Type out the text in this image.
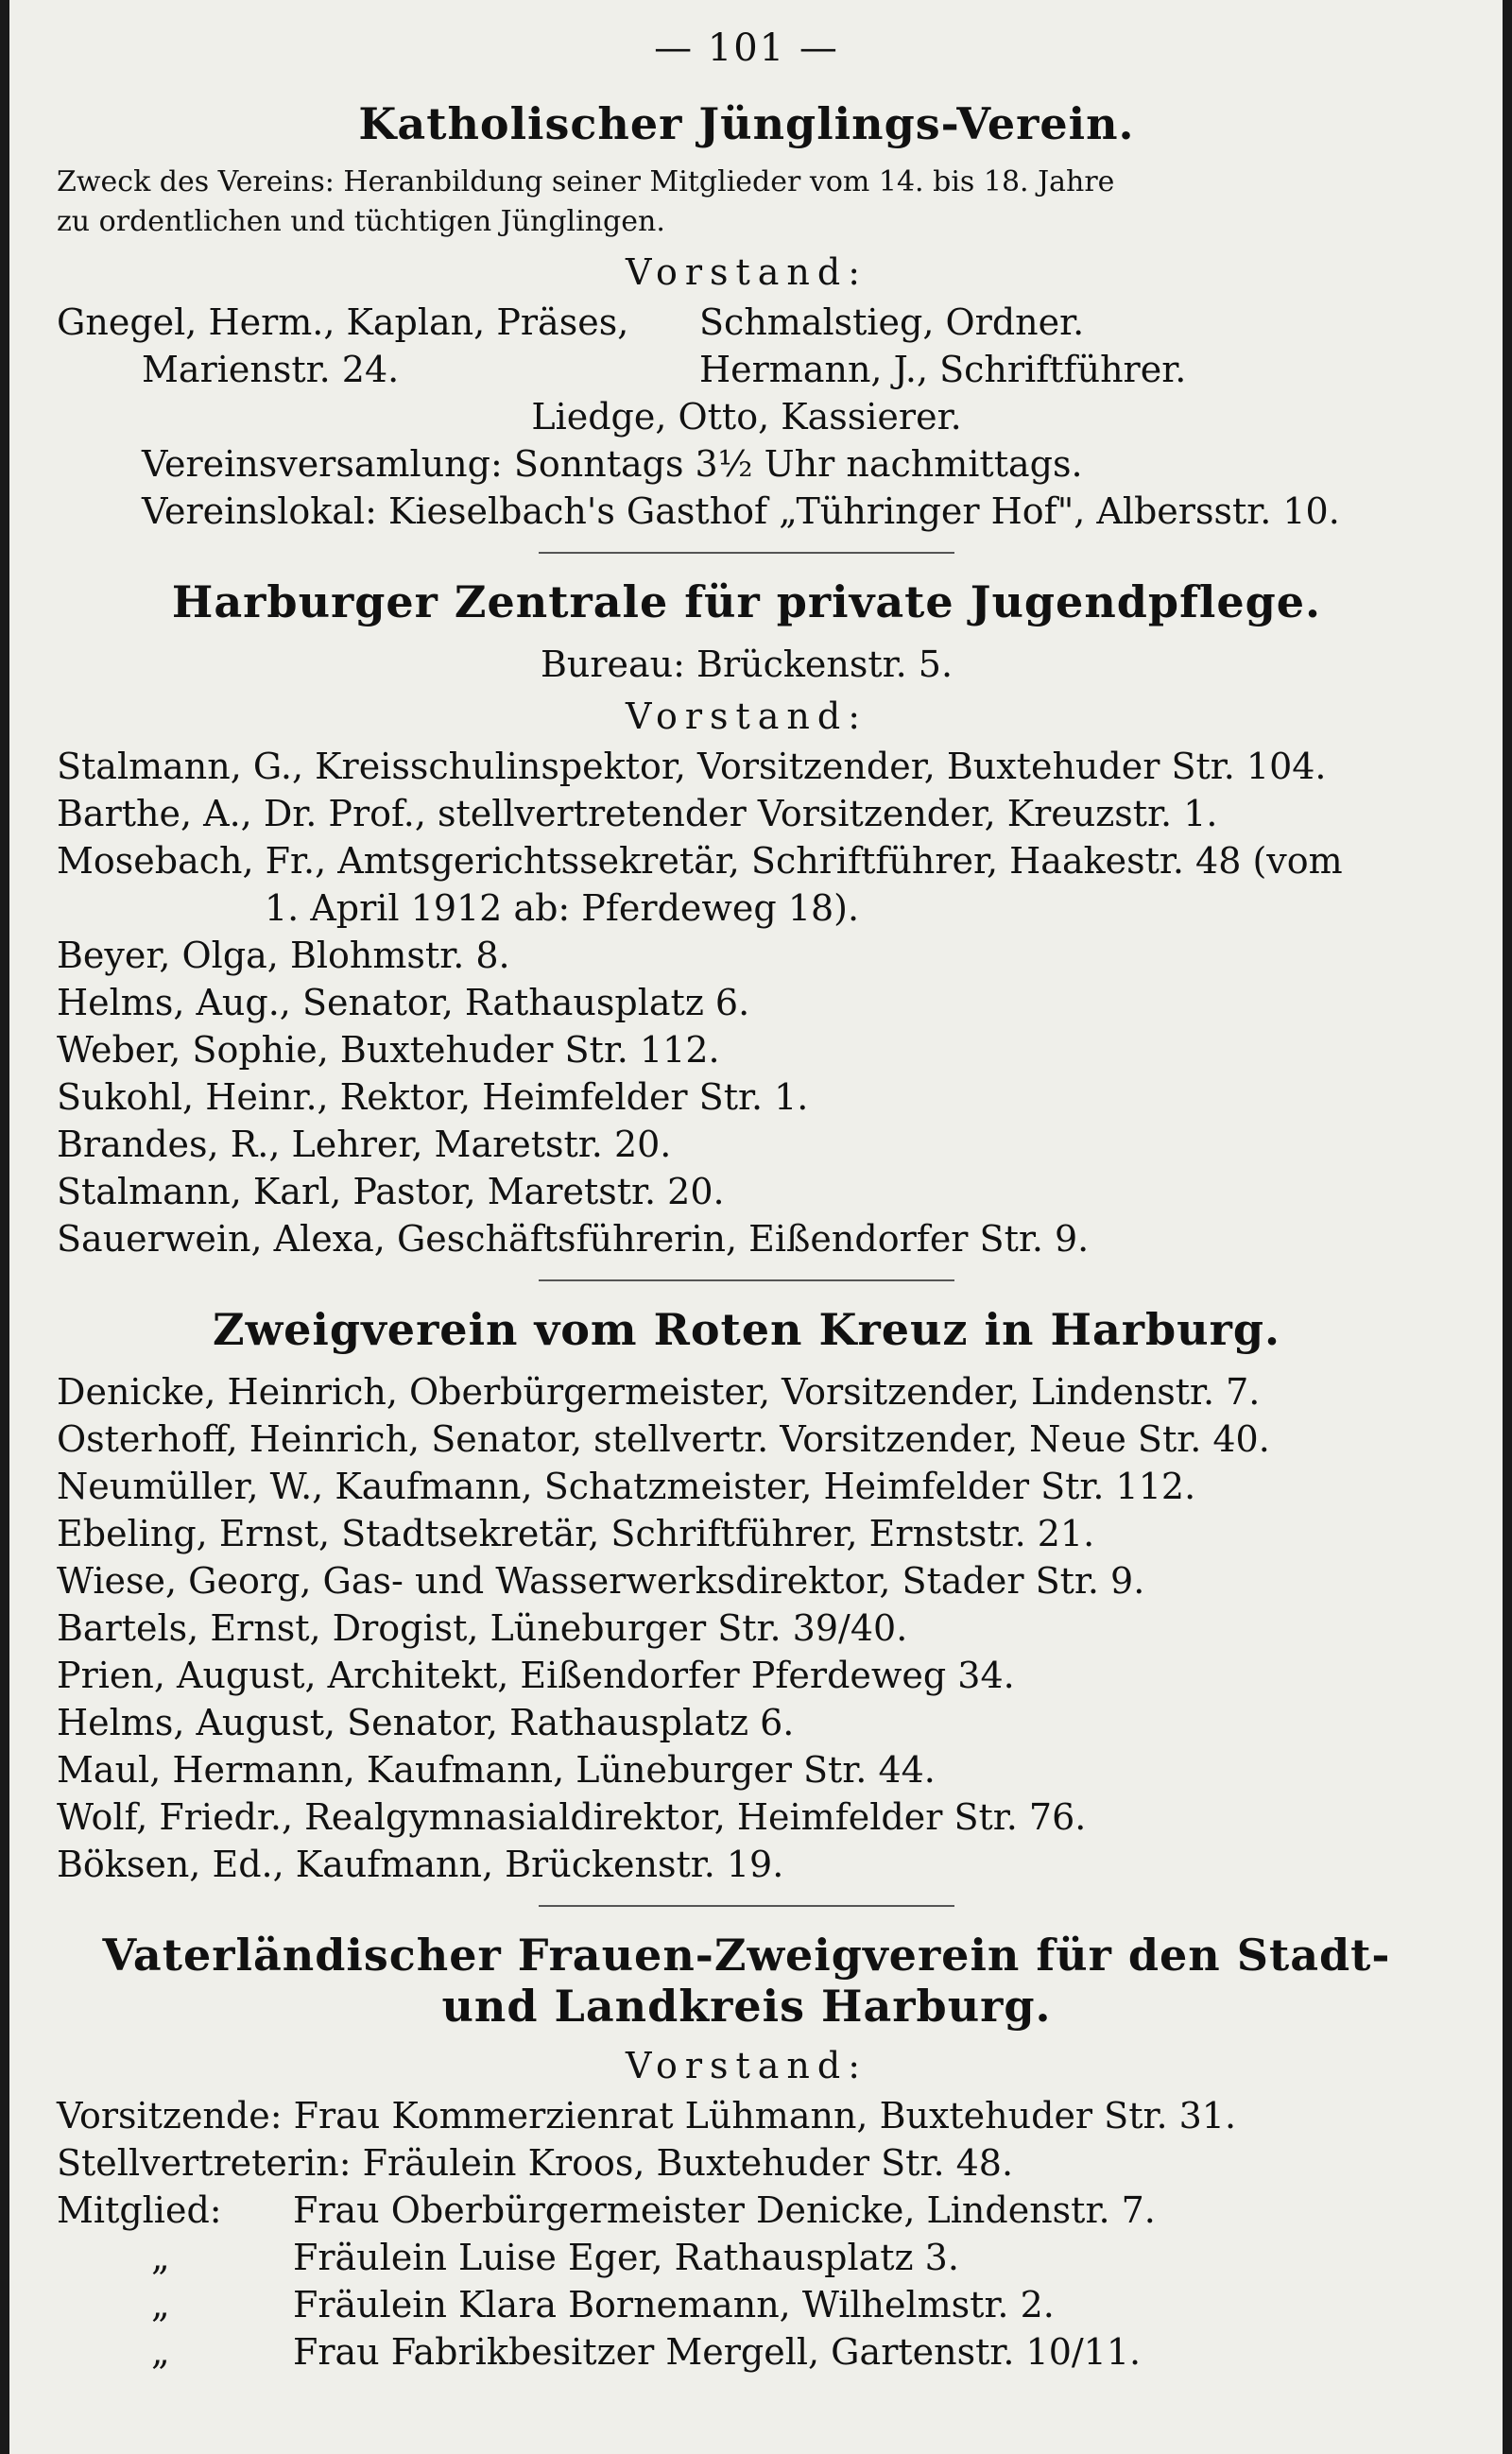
— 101 —
Katholischer Jünglings-Verein.
Zweck des Vereins: Heranbildung seiner Mitglieder vom 14. bis 18. Jahre
zu ordentlichen und tüchtigen Jünglingen.
Vorstand:
Gnegel, Herm., Kaplan, Präses,	Schmalstieg, Ordner.
Marienstr. 24.	Hermann, J., Schriftführer.
Liedge, Otto, Kassierer.
Vereinsversamlung: Sonntags 3½ Uhr nachmittags.
Vereinslokal: Kieselbach's Gasthof „Tühringer Hof", Albersstr. 10.
Harburger Zentrale für private Jugendpflege.
Bureau: Brückenstr. 5.
Vorstand:
Stalmann, G., Kreisschulinspektor, Vorsitzender, Buxtehuder Str. 104.
Barthe, A., Dr. Prof., stellvertretender Vorsitzender, Kreuzstr. 1.
Mosebach, Fr., Amtsgerichtssekretär, Schriftführer, Haakestr. 48 (vom
1. April 1912 ab: Pferdeweg 18).
Beyer, Olga, Blohmstr. 8.
Helms, Aug., Senator, Rathausplatz 6.
Weber, Sophie, Buxtehuder Str. 112.
Sukohl, Heinr., Rektor, Heimfelder Str. 1.
Brandes, R., Lehrer, Maretstr. 20.
Stalmann, Karl, Pastor, Maretstr. 20.
Sauerwein, Alexa, Geschäftsführerin, Eißendorfer Str. 9.
Zweigverein vom Roten Kreuz in Harburg.
Denicke, Heinrich, Oberbürgermeister, Vorsitzender, Lindenstr. 7.
Osterhoff, Heinrich, Senator, stellvertr. Vorsitzender, Neue Str. 40.
Neumüller, W., Kaufmann, Schatzmeister, Heimfelder Str. 112.
Ebeling, Ernst, Stadtsekretär, Schriftführer, Ernststr. 21.
Wiese, Georg, Gas- und Wasserwerksdirektor, Stader Str. 9.
Bartels, Ernst, Drogist, Lüneburger Str. 39/40.
Prien, August, Architekt, Eißendorfer Pferdeweg 34.
Helms, August, Senator, Rathausplatz 6.
Maul, Hermann, Kaufmann, Lüneburger Str. 44.
Wolf, Friedr., Realgymnasialdirektor, Heimfelder Str. 76.
Böksen, Ed., Kaufmann, Brückenstr. 19.
Vaterländischer Frauen-Zweigverein für den Stadt-
und Landkreis Harburg.
Vorstand:
Vorsitzende: Frau Kommerzienrat Lühmann, Buxtehuder Str. 31.
Stellvertreterin: Fräulein Kroos, Buxtehuder Str. 48.
Mitglied: Frau Oberbürgermeister Denicke, Lindenstr. 7.
„	Fräulein Luise Eger, Rathausplatz 3.
„	Fräulein Klara Bornemann, Wilhelmstr. 2.
„	Frau Fabrikbesitzer Mergell, Gartenstr. 10/11.
